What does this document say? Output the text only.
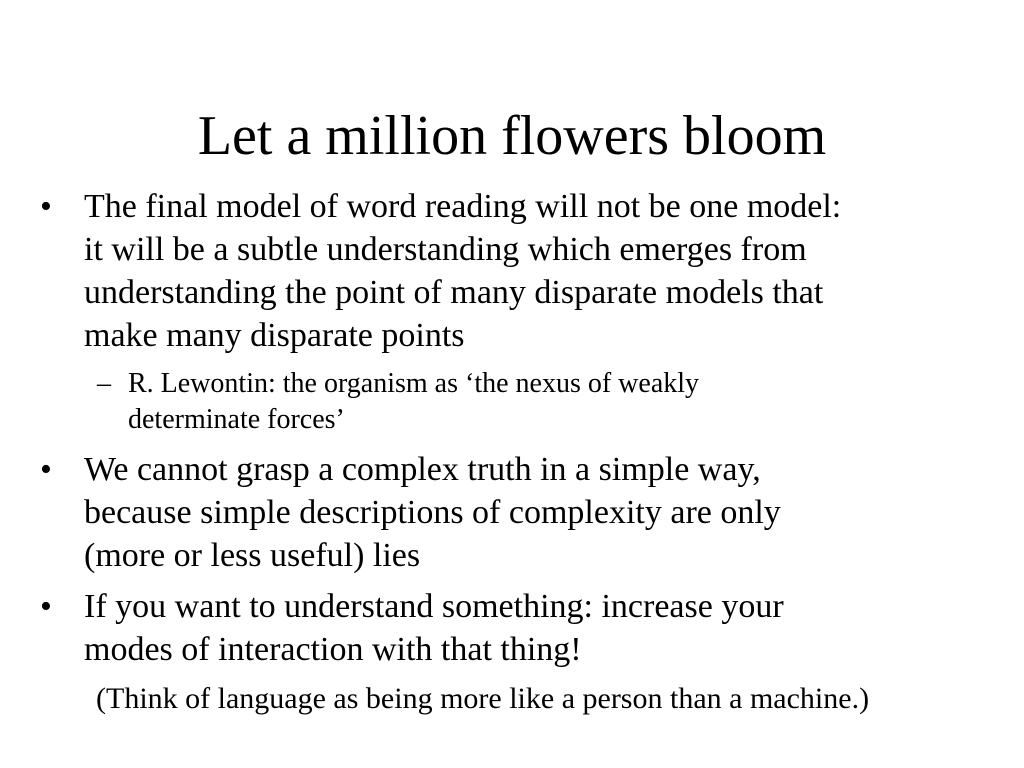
Let a million flowers bloom
• The final model of word reading will not be one model:
it will be a subtle understanding which emerges from
understanding the point of many disparate models that
make many disparate points
– R. Lewontin: the organism as ‘the nexus of weakly
determinate forces’
• We cannot grasp a complex truth in a simple way,
because simple descriptions of complexity are only
(more or less useful) lies
• If you want to understand something: increase your
modes of interaction with that thing!
(Think of language as being more like a person than a machine.)
